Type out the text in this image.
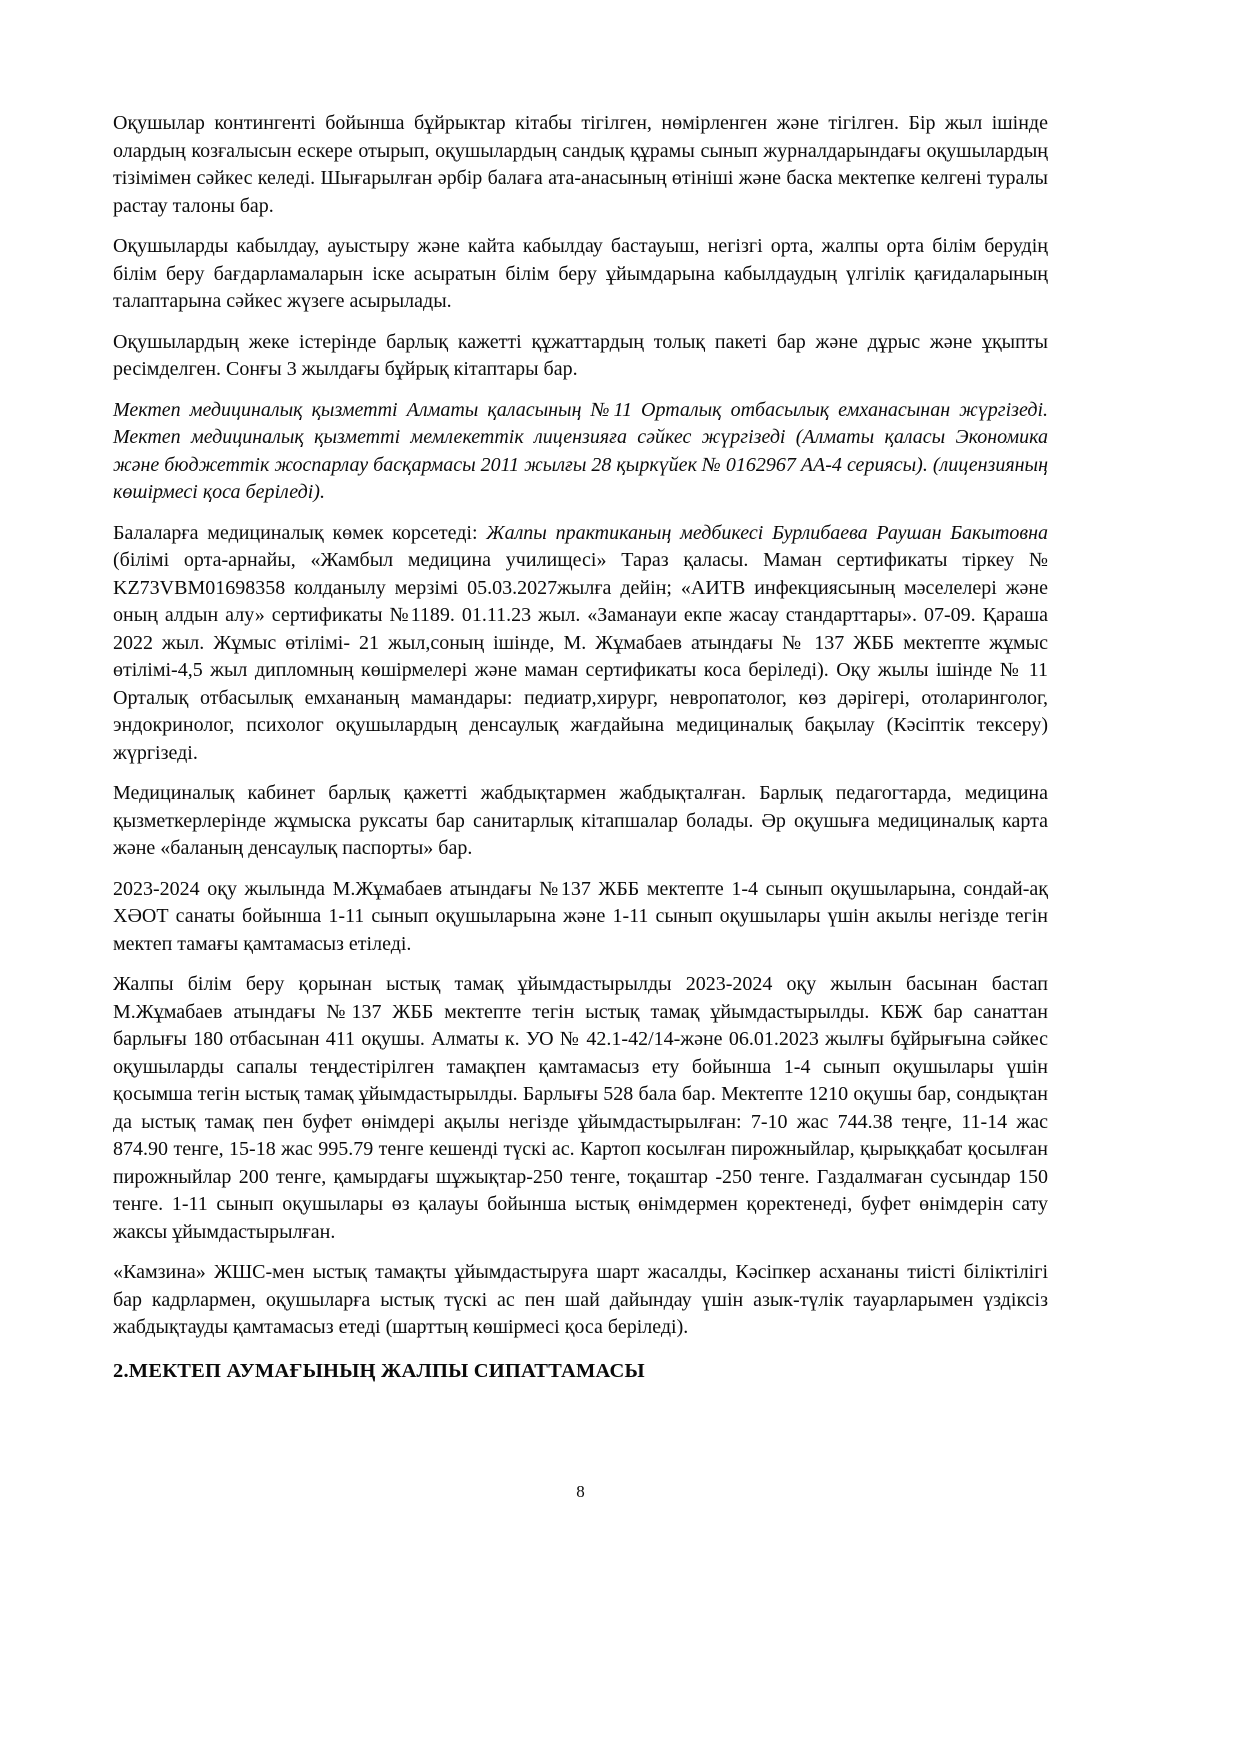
Оқушылар контингенті бойынша бұйрыктар кітабы тігілген, нөмірленген және тігілген. Бір жыл ішінде олардың козғалысын ескере отырып, оқушылардың сандық құрамы сынып журналдарындағы оқушылардың тізімімен сәйкес келеді. Шығарылған әрбір балаға ата-анасының өтініші және баска мектепке келгені туралы растау талоны бар.

Оқушыларды кабылдау, ауыстыру және кайта кабылдау бастауыш, негізгі орта, жалпы орта білім берудің білім беру бағдарламаларын іске асыратын білім беру ұйымдарына кабылдаудың үлгілік қағидаларының талаптарына сәйкес жүзеге асырылады.

Оқушылардың жеке істерінде барлық кажетті құжаттардың толық пакеті бар және дұрыс және ұқыпты ресімделген. Сонғы 3 жылдағы бұйрық кітаптары бар.

Мектеп медициналық қызметті Алматы қаласының №11 Орталық отбасылық емханасынан жүргізеді. Мектеп медициналық қызметті мемлекеттік лицензияға сәйкес жүргізеді (Алматы қаласы Экономика және бюджеттік жоспарлау басқармасы 2011 жылғы 28 қыркүйек № 0162967 АА-4 сериясы). (лицензияның көшірмесі қоса беріледі).

Балаларға медициналық көмек корсетеді: Жалпы практиканың медбикесі Бурлибаева Раушан Бакытовна (білімі орта-арнайы, «Жамбыл медицина училищесі» Тараз қаласы. Маман сертификаты тіркеу № KZ73VBM01698358 колданылу мерзімі 05.03.2027жылға дейін; «АИТВ инфекциясының мәселелері және оның алдын алу» сертификаты №1189. 01.11.23 жыл. «Заманауи екпе жасау стандарттары». 07-09. Қараша 2022 жыл. Жұмыс өтілімі- 21 жыл,соның ішінде, М. Жұмабаев атындағы № 137 ЖББ мектепте жұмыс өтілімі-4,5 жыл дипломның көшірмелері және маман сертификаты коса беріледі). Оқу жылы ішінде № 11 Орталық отбасылық емхананың мамандары: педиатр,хирург, невропатолог, көз дәрігері, отоларинголог, эндокринолог, психолог оқушылардың денсаулық жағдайына медициналық бақылау (Кәсіптік тексеру) жүргізеді.

Медициналық кабинет барлық қажетті жабдықтармен жабдықталған. Барлық педагогтарда, медицина қызметкерлерінде жұмыска руксаты бар санитарлық кітапшалар болады. Әр оқушыға медициналық карта және «баланың денсаулық паспорты» бар.

2023-2024 оқу жылында М.Жұмабаев атындағы №137 ЖББ мектепте 1-4 сынып оқушыларына, сондай-ақ ХӘОТ санаты бойынша 1-11 сынып оқушыларына және 1-11 сынып оқушылары үшін акылы негізде тегін мектеп тамағы қамтамасыз етіледі.

Жалпы білім беру қорынан ыстық тамақ ұйымдастырылды 2023-2024 оқу жылын басынан бастап М.Жұмабаев атындағы №137 ЖББ мектепте тегін ыстық тамақ ұйымдастырылды. КБЖ бар санаттан барлығы 180 отбасынан 411 оқушы. Алматы к. УО № 42.1-42/14-және 06.01.2023 жылғы бұйрығына сәйкес оқушыларды сапалы теңдестірілген тамақпен қамтамасыз ету бойынша 1-4 сынып оқушылары үшін қосымша тегін ыстық тамақ ұйымдастырылды. Барлығы 528 бала бар. Мектепте 1210 оқушы бар, сондықтан да ыстық тамақ пен буфет өнімдері ақылы негізде ұйымдастырылған: 7-10 жас 744.38 теңге, 11-14 жас 874.90 тенге, 15-18 жас 995.79 тенге кешенді түскі ас. Картоп косылған пирожныйлар, қырыққабат қосылған пирожныйлар 200 тенге, қамырдағы шұжықтар-250 тенге, тоқаштар -250 тенге. Газдалмаған сусындар 150 тенге. 1-11 сынып оқушылары өз қалауы бойынша ыстық өнімдермен қоректенеді, буфет өнімдерін сату жаксы ұйымдастырылған.

«Камзина» ЖШС-мен ыстық тамақты ұйымдастыруға шарт жасалды, Кәсіпкер асхананы тиісті біліктілігі бар кадрлармен, оқушыларға ыстық түскі ас пен шай дайындау үшін азык-түлік тауарларымен үздіксіз жабдықтауды қамтамасыз етеді (шарттың көшірмесі қоса беріледі).

2.МЕКТЕП АУМАҒЫНЫҢ ЖАЛПЫ СИПАТТАМАСЫ
8
